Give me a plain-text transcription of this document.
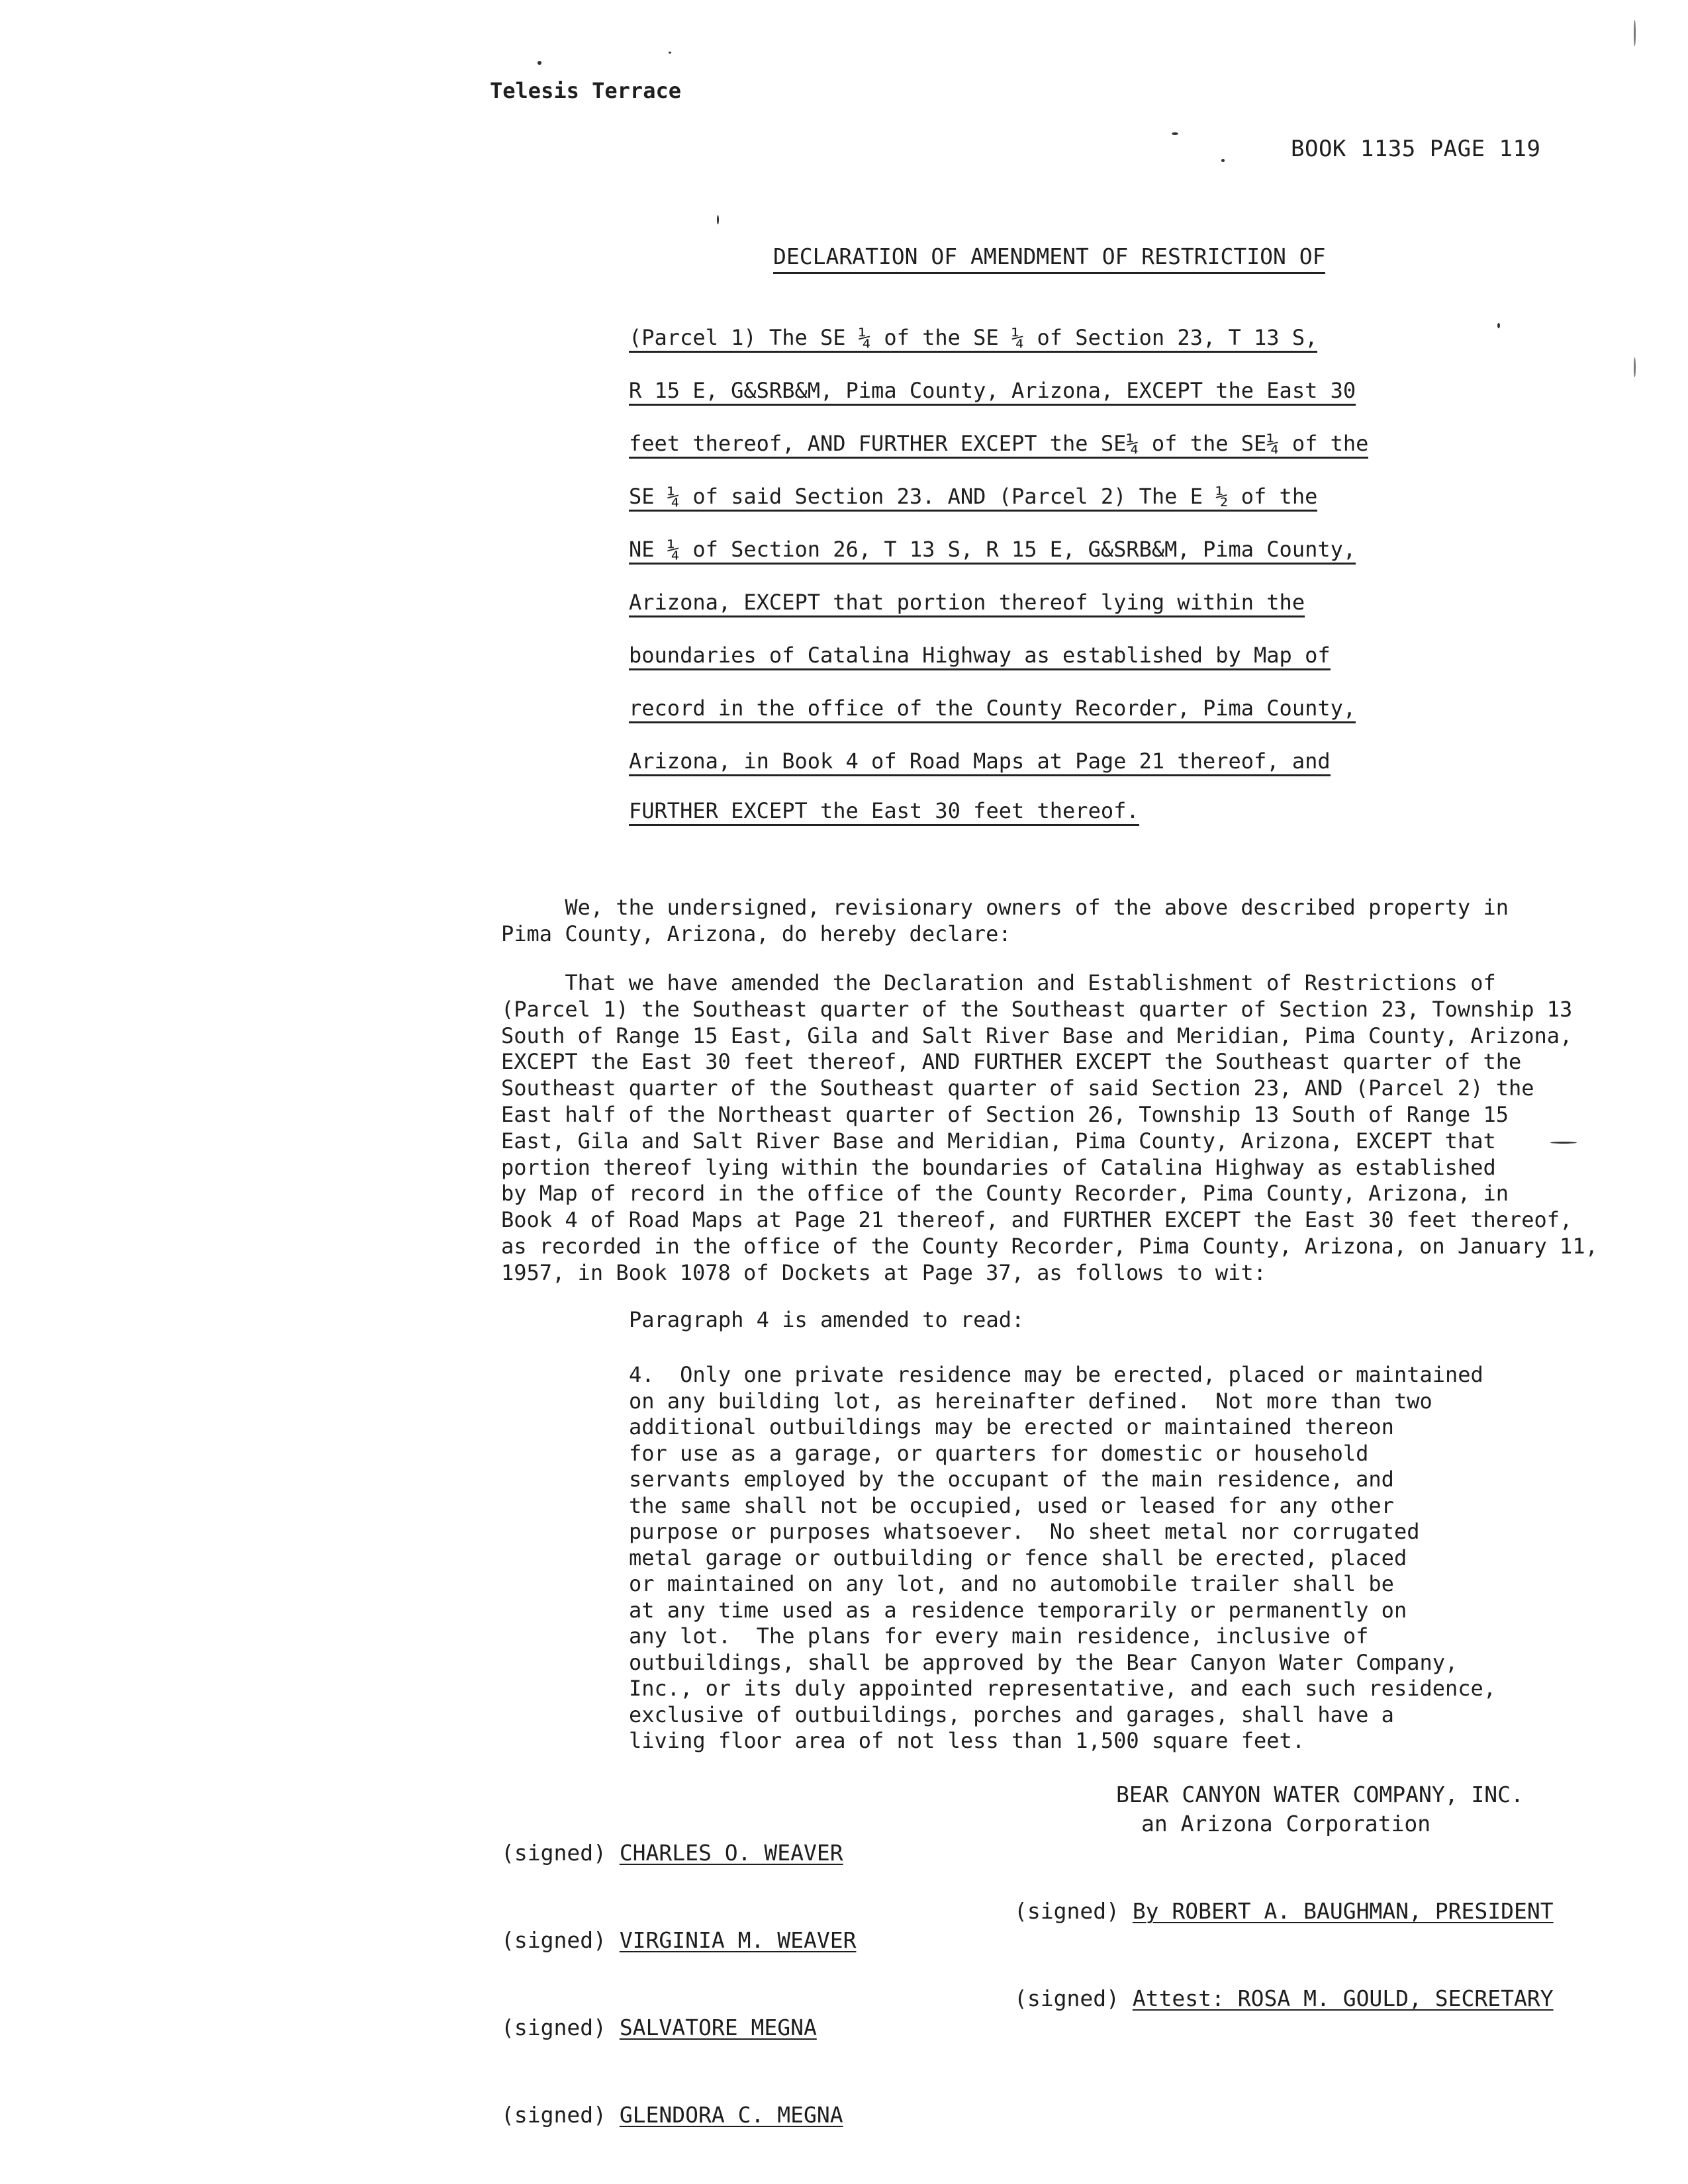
Telesis Terrace
BOOK 1135 PAGE 119
DECLARATION OF AMENDMENT OF RESTRICTION OF
(Parcel 1) The SE ¼ of the SE ¼ of Section 23, T 13 S,
R 15 E, G&SRB&M, Pima County, Arizona, EXCEPT the East 30
feet thereof, AND FURTHER EXCEPT the SE¼ of the SE¼ of the
SE ¼ of said Section 23. AND (Parcel 2) The E ½ of the
NE ¼ of Section 26, T 13 S, R 15 E, G&SRB&M, Pima County,
Arizona, EXCEPT that portion thereof lying within the
boundaries of Catalina Highway as established by Map of
record in the office of the County Recorder, Pima County,
Arizona, in Book 4 of Road Maps at Page 21 thereof, and
FURTHER EXCEPT the East 30 feet thereof.
We, the undersigned, revisionary owners of the above described property in
Pima County, Arizona, do hereby declare:
That we have amended the Declaration and Establishment of Restrictions of
(Parcel 1) the Southeast quarter of the Southeast quarter of Section 23, Township 13
South of Range 15 East, Gila and Salt River Base and Meridian, Pima County, Arizona,
EXCEPT the East 30 feet thereof, AND FURTHER EXCEPT the Southeast quarter of the
Southeast quarter of the Southeast quarter of said Section 23, AND (Parcel 2) the
East half of the Northeast quarter of Section 26, Township 13 South of Range 15
East, Gila and Salt River Base and Meridian, Pima County, Arizona, EXCEPT that
portion thereof lying within the boundaries of Catalina Highway as established
by Map of record in the office of the County Recorder, Pima County, Arizona, in
Book 4 of Road Maps at Page 21 thereof, and FURTHER EXCEPT the East 30 feet thereof,
as recorded in the office of the County Recorder, Pima County, Arizona, on January 11,
1957, in Book 1078 of Dockets at Page 37, as follows to wit:
Paragraph 4 is amended to read:
4.  Only one private residence may be erected, placed or maintained
on any building lot, as hereinafter defined.  Not more than two
additional outbuildings may be erected or maintained thereon
for use as a garage, or quarters for domestic or household
servants employed by the occupant of the main residence, and
the same shall not be occupied, used or leased for any other
purpose or purposes whatsoever.  No sheet metal nor corrugated
metal garage or outbuilding or fence shall be erected, placed
or maintained on any lot, and no automobile trailer shall be
at any time used as a residence temporarily or permanently on
any lot.  The plans for every main residence, inclusive of
outbuildings, shall be approved by the Bear Canyon Water Company,
Inc., or its duly appointed representative, and each such residence,
exclusive of outbuildings, porches and garages, shall have a
living floor area of not less than 1,500 square feet.

(signed) CHARLES O. WEAVER

(signed) VIRGINIA M. WEAVER

(signed) SALVATORE MEGNA

(signed) GLENDORA C. MEGNA

BEAR CANYON WATER COMPANY, INC.
an Arizona Corporation

(signed) By ROBERT A. BAUGHMAN, PRESIDENT

(signed) Attest: ROSA M. GOULD, SECRETARY
